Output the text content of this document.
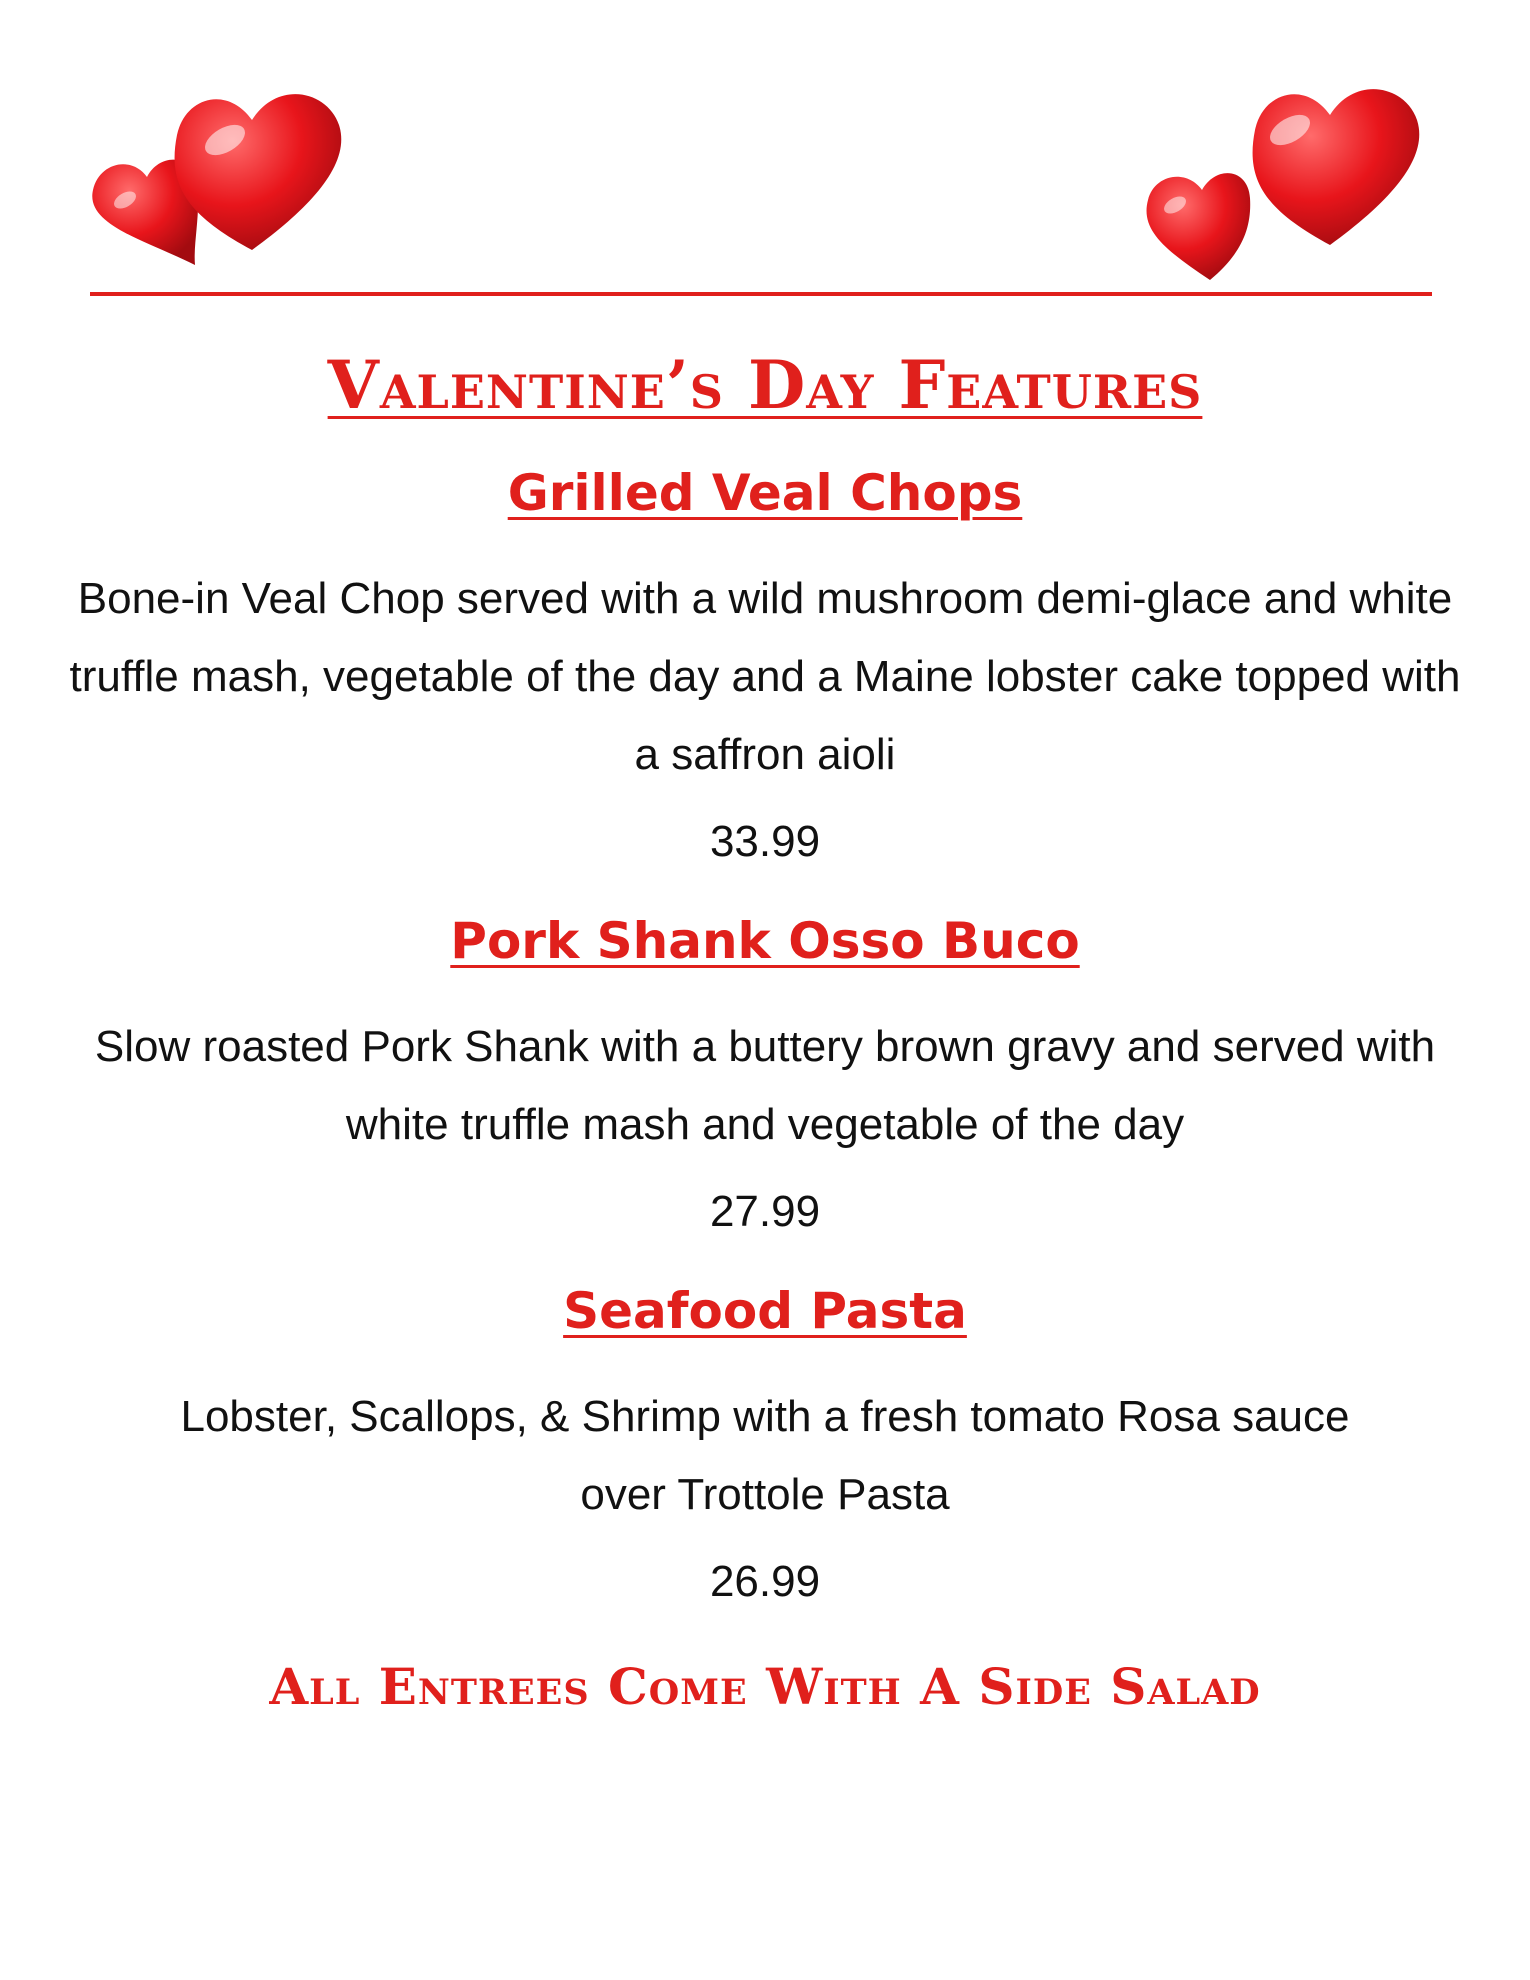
Valentine’s Day Features
Grilled Veal Chops

Bone-in Veal Chop served with a wild mushroom demi-glace and white truffle mash, vegetable of the day and a Maine lobster cake topped with a saffron aioli

33.99
Pork Shank Osso Buco

Slow roasted Pork Shank with a buttery brown gravy and served with white truffle mash and vegetable of the day

27.99
Seafood Pasta

Lobster, Scallops, & Shrimp with a fresh tomato Rosa sauce over Trottole Pasta

26.99
All Entrees Come With A Side Salad
